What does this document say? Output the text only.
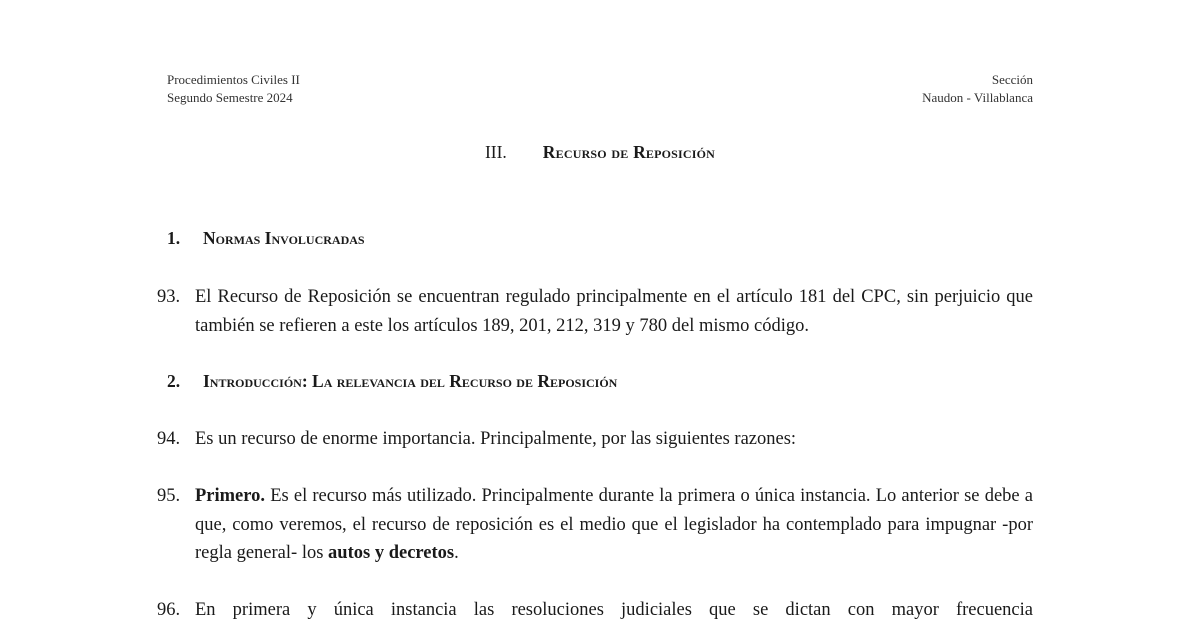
Procedimientos Civiles II
Segundo Semestre 2024
Sección
Naudon - Villablanca
III. Recurso de Reposición
1. Normas Involucradas
93. El Recurso de Reposición se encuentran regulado principalmente en el artículo 181 del CPC, sin perjuicio que también se refieren a este los artículos 189, 201, 212, 319 y 780 del mismo código.
2. Introducción: La relevancia del Recurso de Reposición
94. Es un recurso de enorme importancia. Principalmente, por las siguientes razones:
95. Primero. Es el recurso más utilizado. Principalmente durante la primera o única instancia. Lo anterior se debe a que, como veremos, el recurso de reposición es el medio que el legislador ha contemplado para impugnar -por regla general- los autos y decretos.
96. En primera y única instancia las resoluciones judiciales que se dictan con mayor frecuencia
